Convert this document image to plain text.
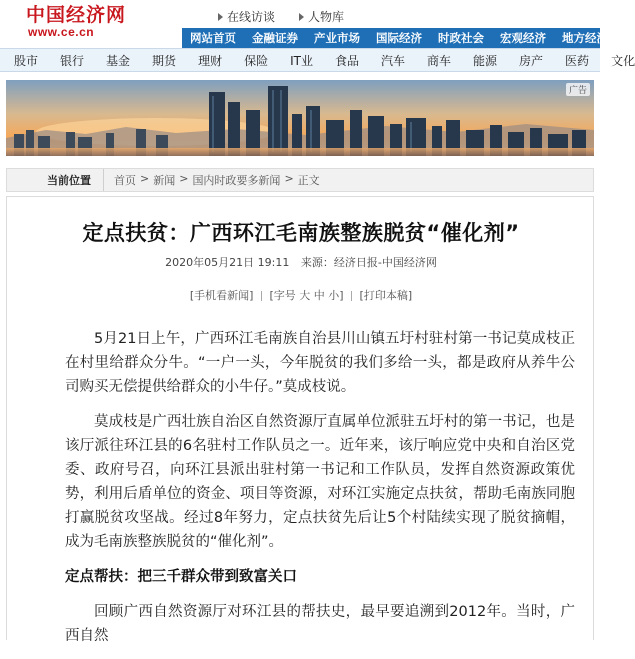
中国经济网
www.ce.cn
在线访谈	人物库
网站首页	金融证券	产业市场	国际经济	时政社会	宏观经济	地方经济
股市 银行 基金 期货 理财 保险 IT业 食品 汽车 商车 能源 房产 医药 文化
广告
当前位置	首页 > 新闻 > 国内时政要多新闻 > 正文
定点扶贫：广西环江毛南族整族脱贫“催化剂”
2020年05月21日 19:11 来源：经济日报-中国经济网
[手机看新闻] [字号 大 中 小] [打印本稿]

5月21日上午，广西环江毛南族自治县川山镇五圩村驻村第一书记莫成枝正在村里给群众分牛。“一户一头，今年脱贫的我们多给一头，都是政府从养牛公司购买无偿提供给群众的小牛仔。”莫成枝说。

莫成枝是广西壮族自治区自然资源厅直属单位派驻五圩村的第一书记，也是该厅派往环江县的6名驻村工作队员之一。近年来，该厅响应党中央和自治区党委、政府号召，向环江县派出驻村第一书记和工作队员，发挥自然资源政策优势，利用后盾单位的资金、项目等资源，对环江实施定点扶贫，帮助毛南族同胞打赢脱贫攻坚战。经过8年努力，定点扶贫先后让5个村陆续实现了脱贫摘帽，成为毛南族整族脱贫的“催化剂”。

定点帮扶：把三千群众带到致富关口

回顾广西自然资源厅对环江县的帮扶史，最早要追溯到2012年。当时，广西自然
